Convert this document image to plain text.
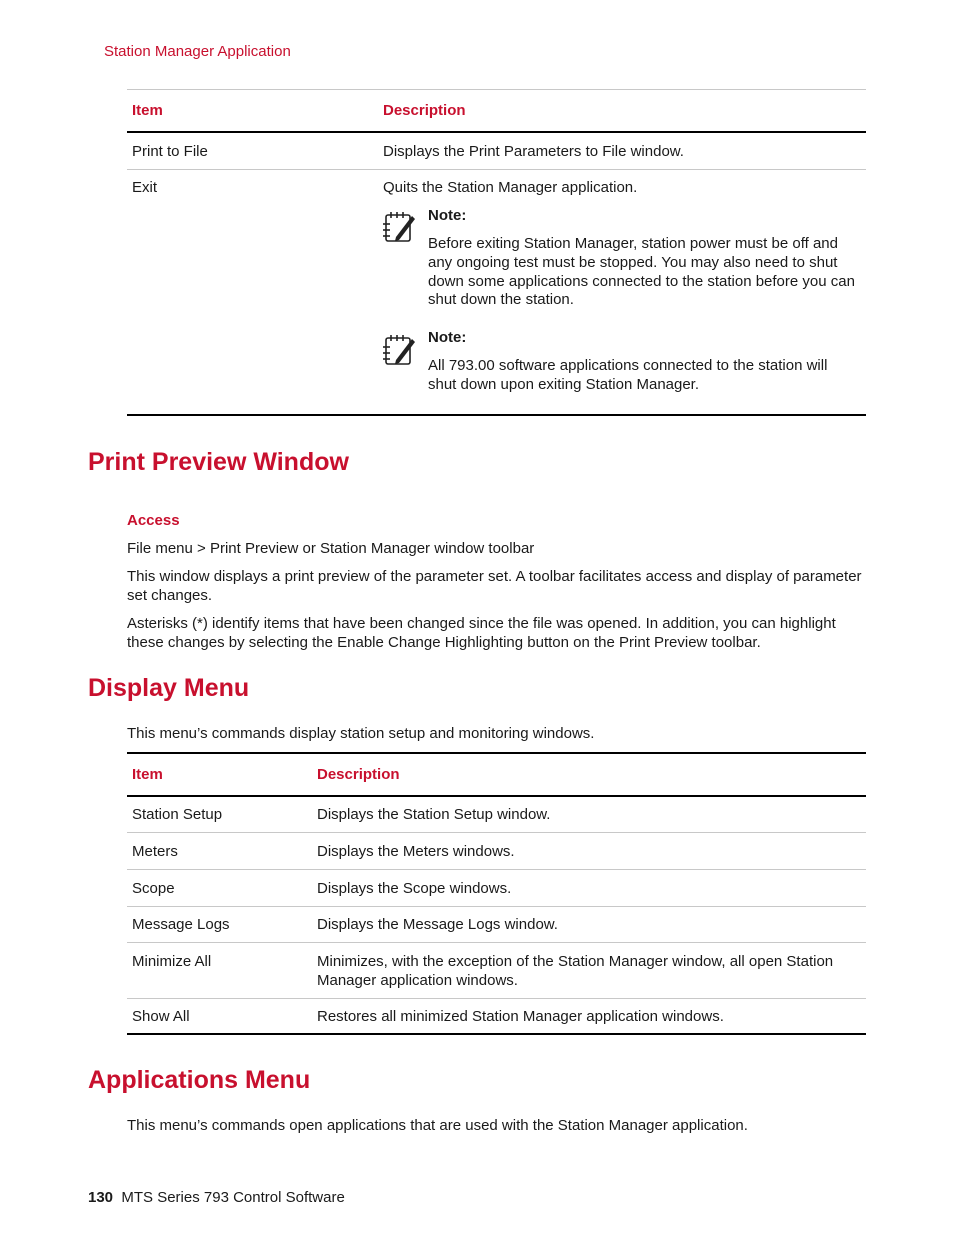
Station Manager Application
Item	Description
Print to File	Displays the Print Parameters to File window.
Exit	Quits the Station Manager application.
Note:
Before exiting Station Manager, station power must be off and
any ongoing test must be stopped. You may also need to shut
down some applications connected to the station before you can
shut down the station.
Note:
All 793.00 software applications connected to the station will
shut down upon exiting Station Manager.
Print Preview Window
Access
File menu > Print Preview or Station Manager window toolbar
This window displays a print preview of the parameter set. A toolbar facilitates access and display of parameter
set changes.
Asterisks (*) identify items that have been changed since the file was opened. In addition, you can highlight
these changes by selecting the Enable Change Highlighting button on the Print Preview toolbar.
Display Menu
This menu’s commands display station setup and monitoring windows.
Item	Description
Station Setup	Displays the Station Setup window.
Meters	Displays the Meters windows.
Scope	Displays the Scope windows.
Message Logs	Displays the Message Logs window.
Minimize All	Minimizes, with the exception of the Station Manager window, all open Station
Manager application windows.
Show All	Restores all minimized Station Manager application windows.
Applications Menu
This menu’s commands open applications that are used with the Station Manager application.
130 MTS Series 793 Control Software
